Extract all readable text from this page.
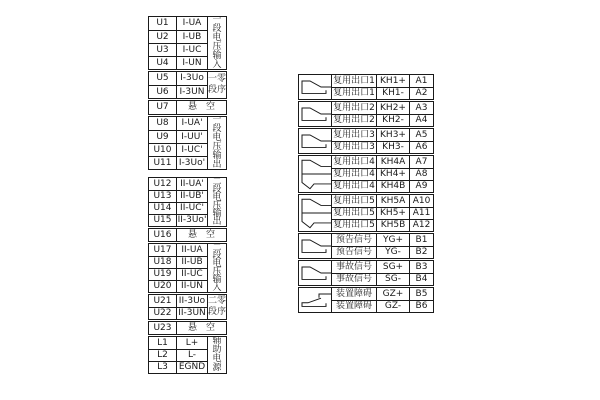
U1	I-UA
U2	I-UB
U3	I-UC
U4	I-UN
一
段
电
压
输
入
U5	I-3Uo
U6	I-3UN
一零
段序
U7	悬空
U8	I-UA'
U9	I-UU'
U10	I-UC'
U11 I-3Uo'
一
段
电
压
输
出
U12 II-UA'
U13 II-UB'
U14 II-UC'
U15 II-3Uo'
二
段
电
压
输
出
U16	悬空
U17	II-UA
U18	II-UB
U19	II-UC
U20	II-UN
二
段
电
压
输
入
U21 II-3Uo
U22 II-3UN
二零
段序
U23	悬空
L1	L+
L2	L-
L3	EGND
辅
助
电
源
复用出口1 KH1+	A1
复用出口1 KH1-	A2
复用出口2 KH2+	A3
复用出口2 KH2-	A4
复用出口3 KH3+	A5
复用出口3 KH3-	A6
复用出口4 KH4A	A7
复用出口4 KH4+	A8
复用出口4 KH4B	A9
复用出口5 KH5A A10
复用出口5 KH5+ A11
复用出口5 KH5B A12
预告信号	YG+	B1
预告信号	YG-	B2
事故信号	SG+	B3
事故信号	SG-	B4
装置障碍	GZ+	B5
装置障碍	GZ-	B6
